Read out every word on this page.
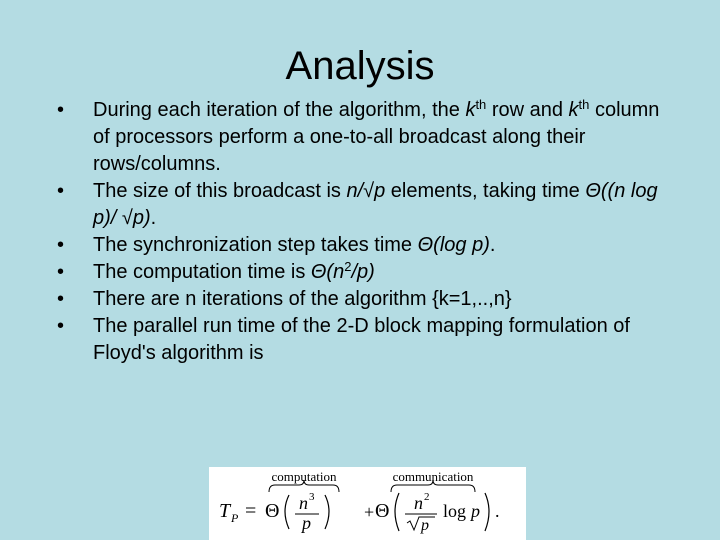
Analysis
•	During each iteration of the algorithm, the $k^{th}$ row and $k^{th}$ column of processors perform a one-to-all broadcast along their rows/columns.
•	The size of this broadcast is n/√p elements, taking time Θ((n log p)/ √p).
•	The synchronization step takes time Θ(log p).
•	The computation time is $\Theta(n^2/p)$
•	There are n iterations of the algorithm {k=1,..,n}
•	The parallel run time of the 2-D block mapping formulation of Floyd's algorithm is
computation	communication
T P = Θ n 3
p
+ Θ n 2
p
log p .
